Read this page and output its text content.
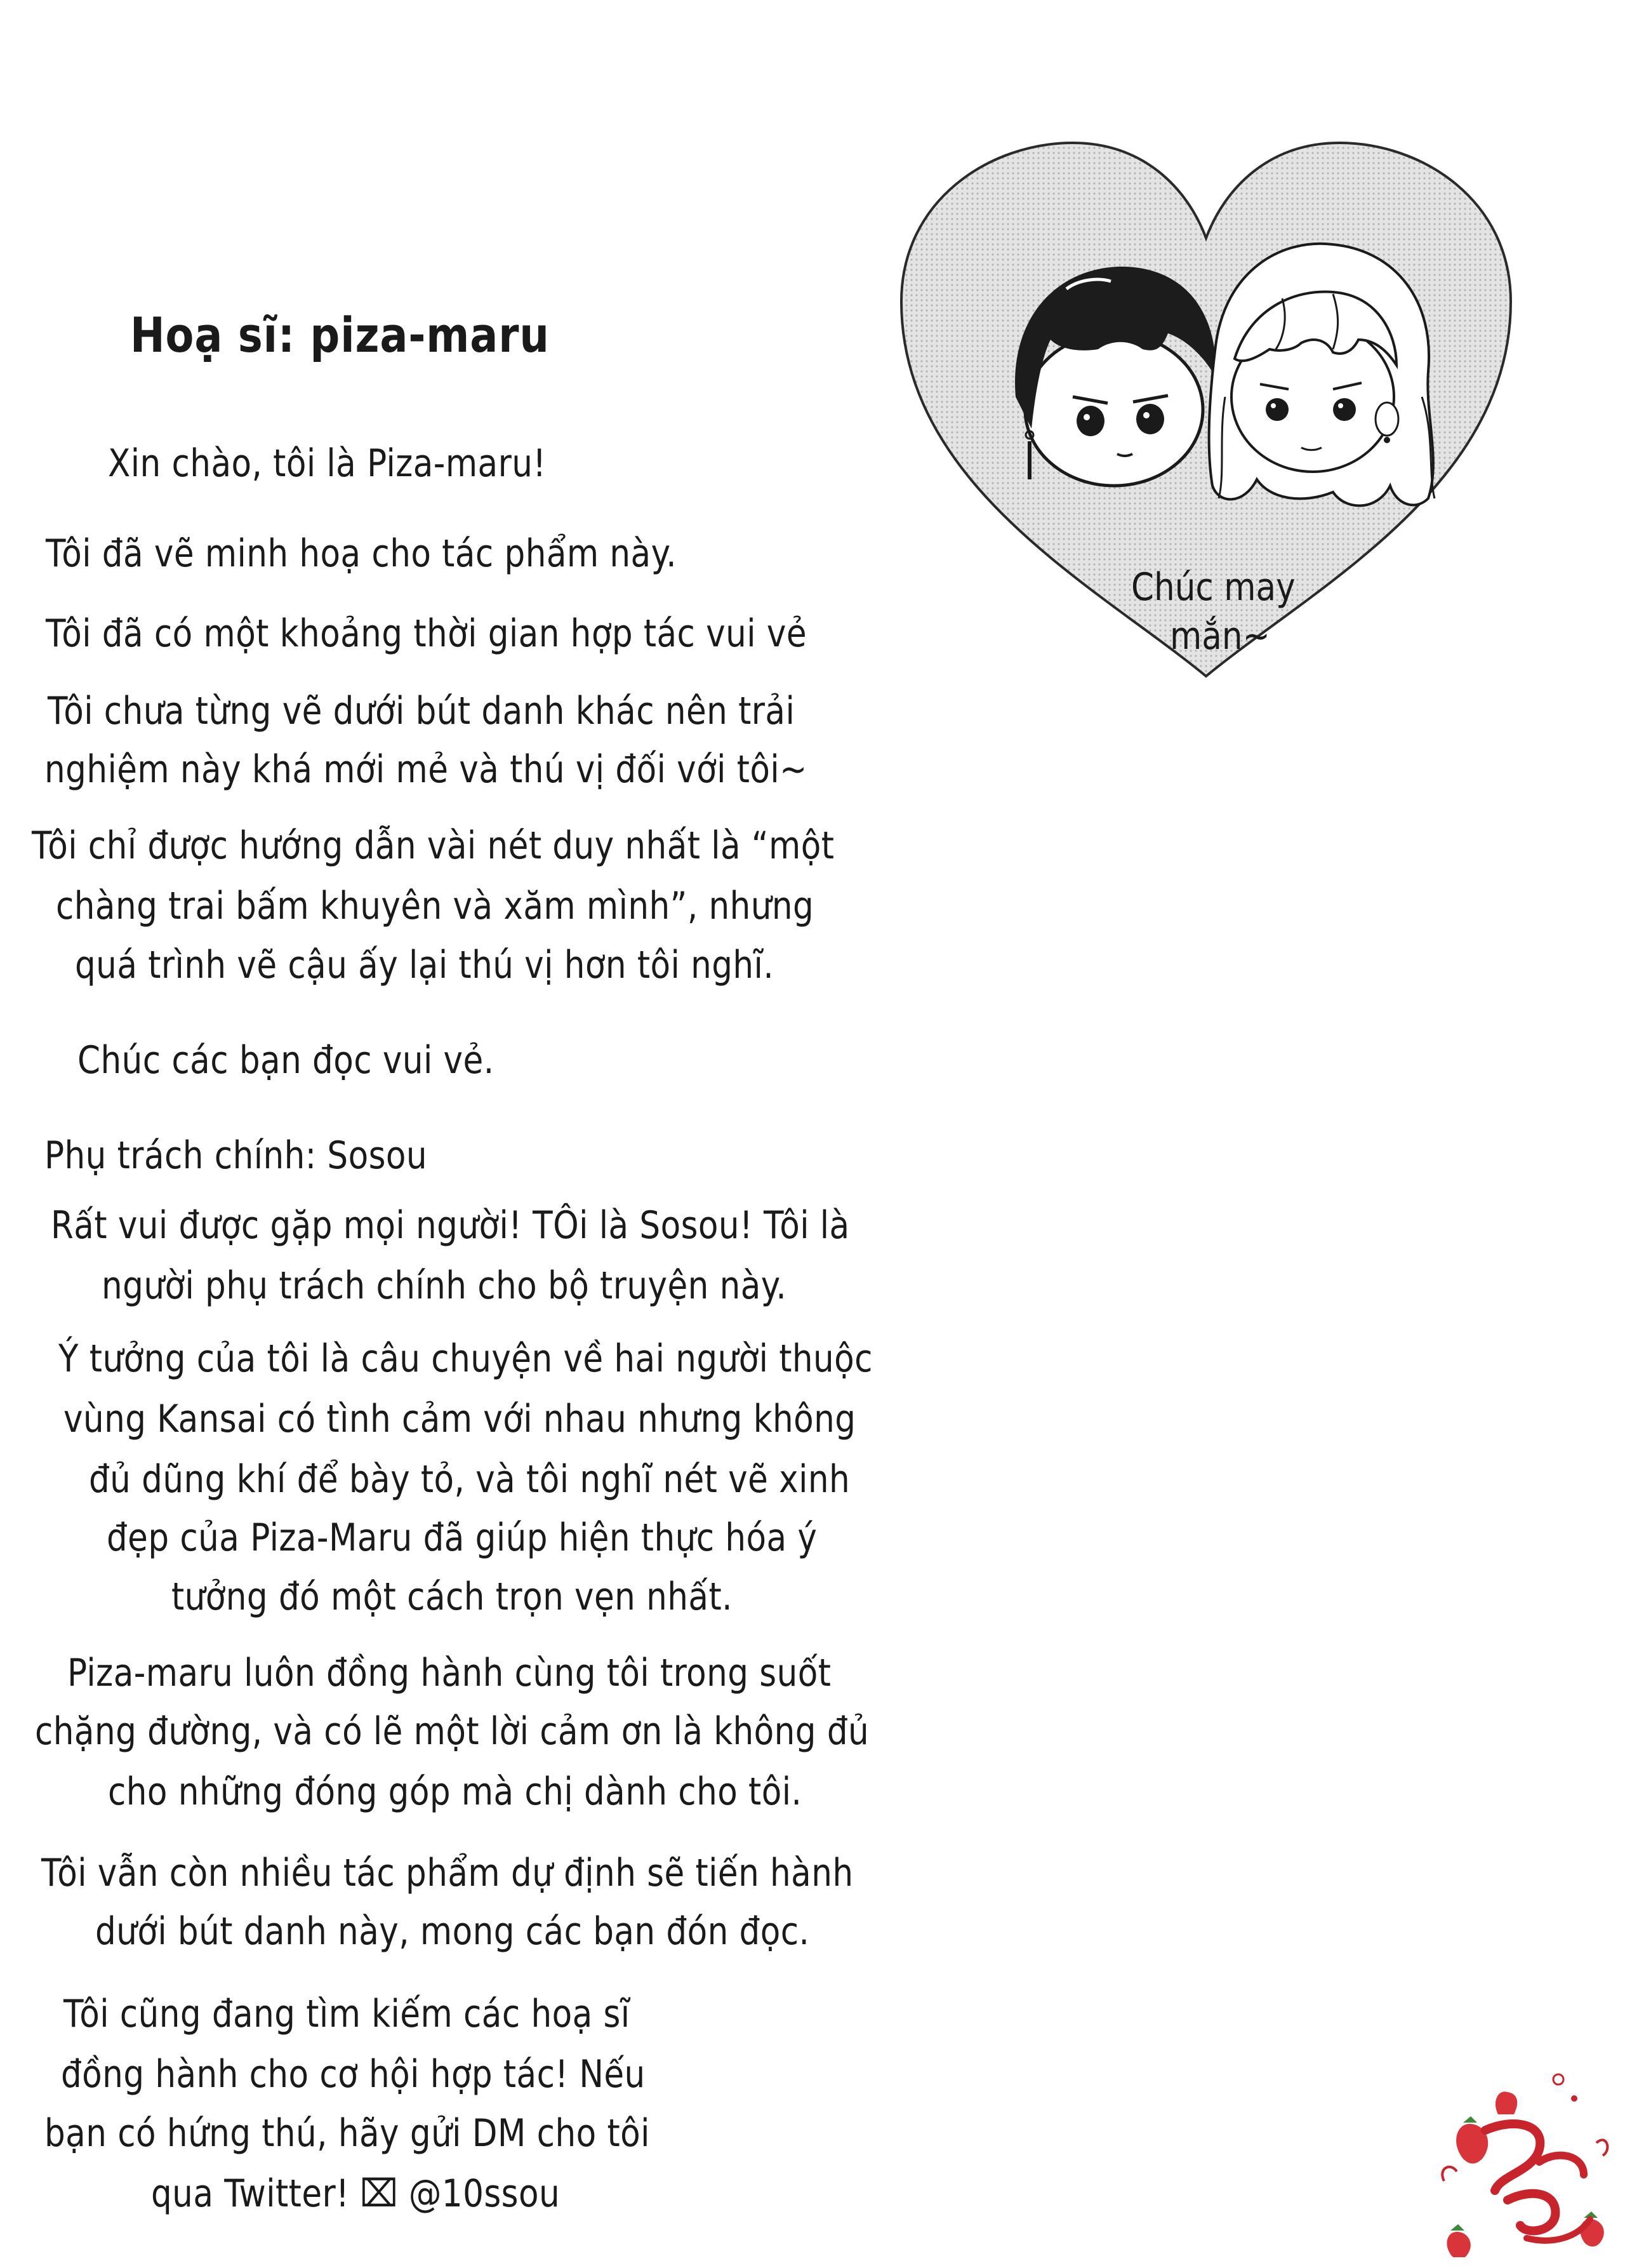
Chúc may
mắn~
Hoạ sĩ: piza-maru
Xin chào, tôi là Piza-maru!
Tôi đã vẽ minh hoạ cho tác phẩm này.
Tôi đã có một khoảng thời gian hợp tác vui vẻ
Tôi chưa từng vẽ dưới bút danh khác nên trải
nghiệm này khá mới mẻ và thú vị đối với tôi~
Tôi chỉ được hướng dẫn vài nét duy nhất là “một
chàng trai bấm khuyên và xăm mình”, nhưng
quá trình vẽ cậu ấy lại thú vị hơn tôi nghĩ.
Chúc các bạn đọc vui vẻ.
Phụ trách chính: Sosou
Rất vui được gặp mọi người! TÔi là Sosou! Tôi là
người phụ trách chính cho bộ truyện này.
Ý tưởng của tôi là câu chuyện về hai người thuộc
vùng Kansai có tình cảm với nhau nhưng không
đủ dũng khí để bày tỏ, và tôi nghĩ nét vẽ xinh
đẹp của Piza-Maru đã giúp hiện thực hóa ý
tưởng đó một cách trọn vẹn nhất.
Piza-maru luôn đồng hành cùng tôi trong suốt
chặng đường, và có lẽ một lời cảm ơn là không đủ
cho những đóng góp mà chị dành cho tôi.
Tôi vẫn còn nhiều tác phẩm dự định sẽ tiến hành
dưới bút danh này, mong các bạn đón đọc.
Tôi cũng đang tìm kiếm các hoạ sĩ
đồng hành cho cơ hội hợp tác! Nếu
bạn có hứng thú, hãy gửi DM cho tôi
qua Twitter! ⌧ @10ssou
